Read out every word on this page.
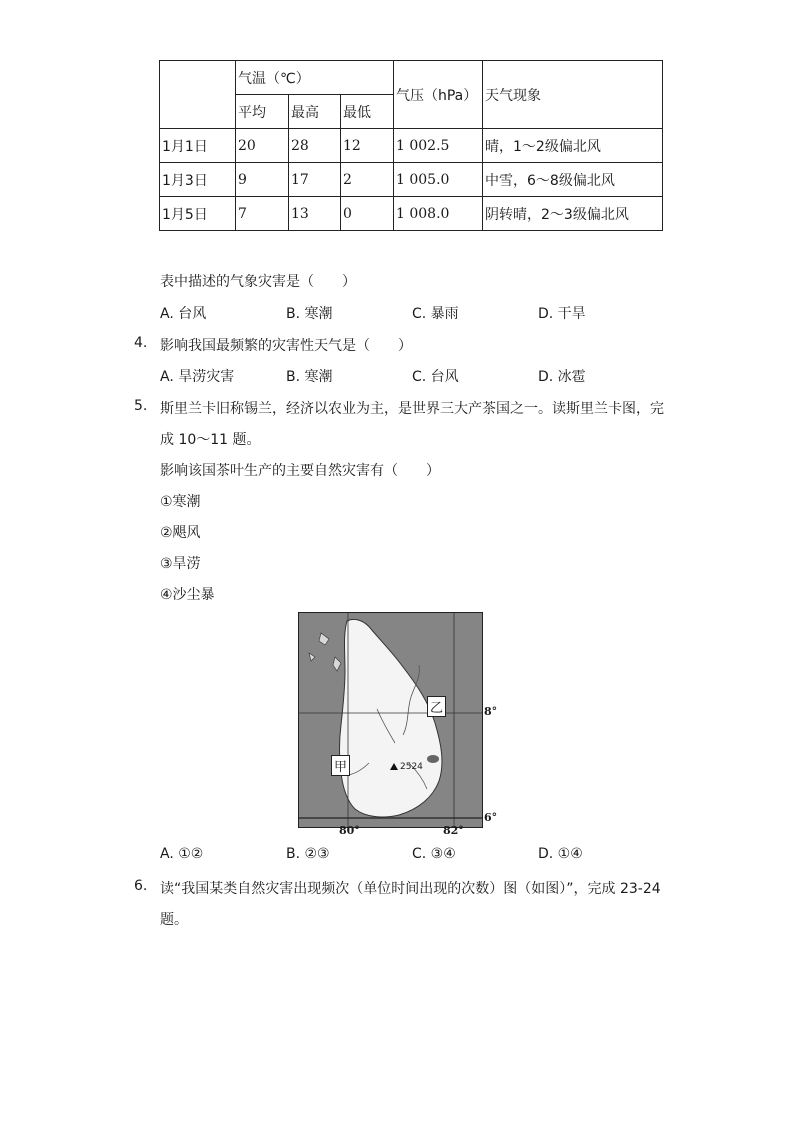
	气温（℃）			气压（hPa）	天气现象
	平均	最高	最低		
1月1日	20	28	12	1 002.5	晴，1～2级偏北风
1月3日	9	17	2	1 005.0	中雪，6～8级偏北风
1月5日	7	13	0	1 008.0	阴转晴，2～3级偏北风
表中描述的气象灾害是（　　）
A. 台风	B. 寒潮	C. 暴雨	D. 干旱
4. 影响我国最频繁的灾害性天气是（　　）
A. 旱涝灾害	B. 寒潮	C. 台风	D. 冰雹
5. 斯里兰卡旧称锡兰，经济以农业为主，是世界三大产茶国之一。读斯里兰卡图，完
成 10～11 题。
影响该国茶叶生产的主要自然灾害有（　　）
①寒潮
②飓风
③旱涝
④沙尘暴
乙
甲	2524
8°
6°
80°	82°
A. ①②	B. ②③	C. ③④	D. ①④
6. 读“我国某类自然灾害出现频次（单位时间出现的次数）图（如图）”，完成 23-24
题。
